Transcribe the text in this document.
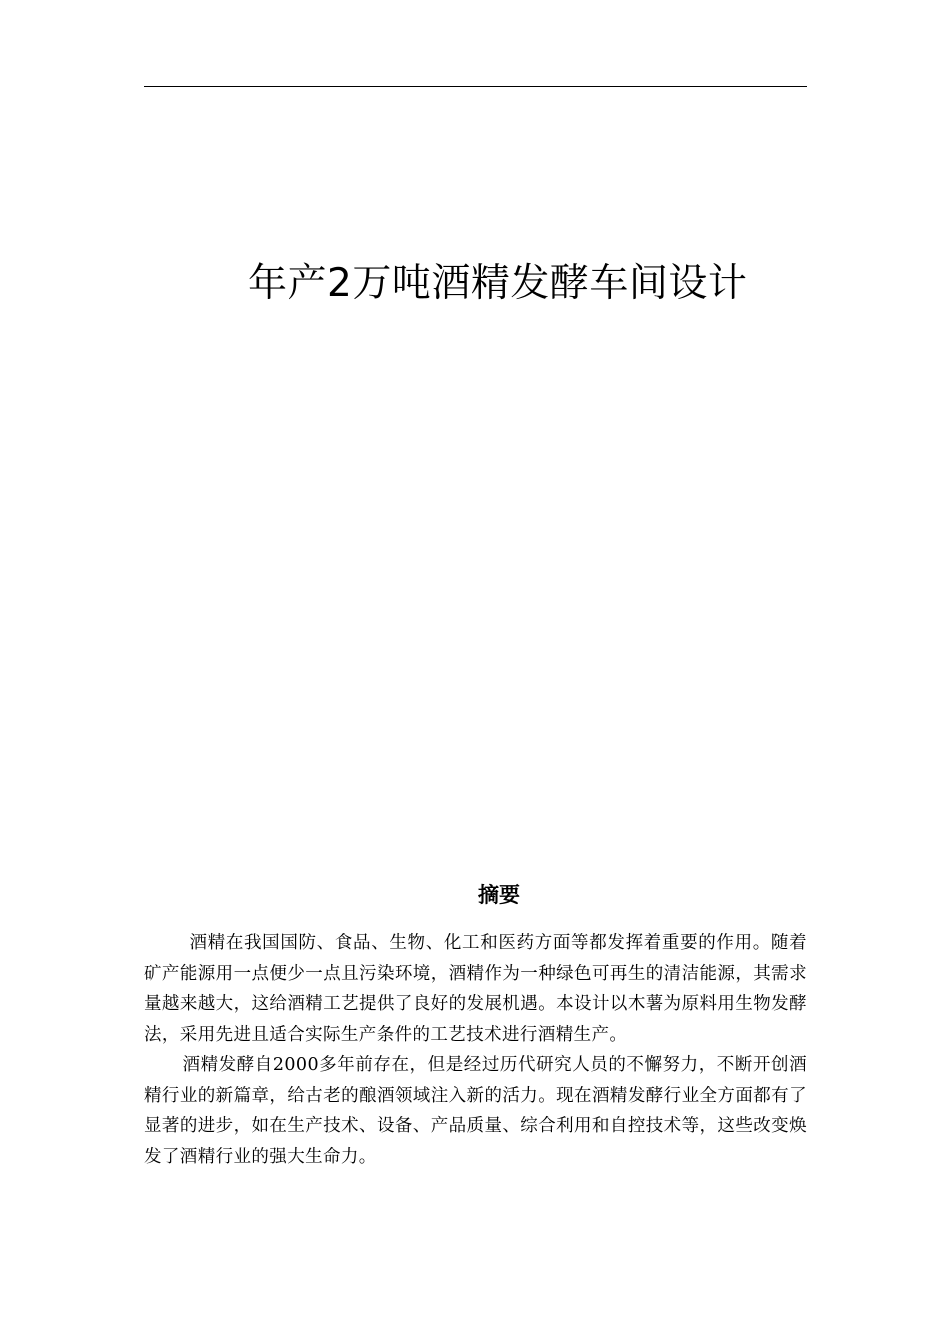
年产2万吨酒精发酵车间设计
摘要

酒精在我国国防、食品、生物、化工和医药方面等都发挥着重要的作用。随着矿产能源用一点便少一点且污染环境，酒精作为一种绿色可再生的清洁能源，其需求量越来越大，这给酒精工艺提供了良好的发展机遇。本设计以木薯为原料用生物发酵法，采用先进且适合实际生产条件的工艺技术进行酒精生产。

酒精发酵自2000多年前存在，但是经过历代研究人员的不懈努力，不断开创酒精行业的新篇章，给古老的酿酒领域注入新的活力。现在酒精发酵行业全方面都有了显著的进步，如在生产技术、设备、产品质量、综合利用和自控技术等，这些改变焕发了酒精行业的强大生命力。
